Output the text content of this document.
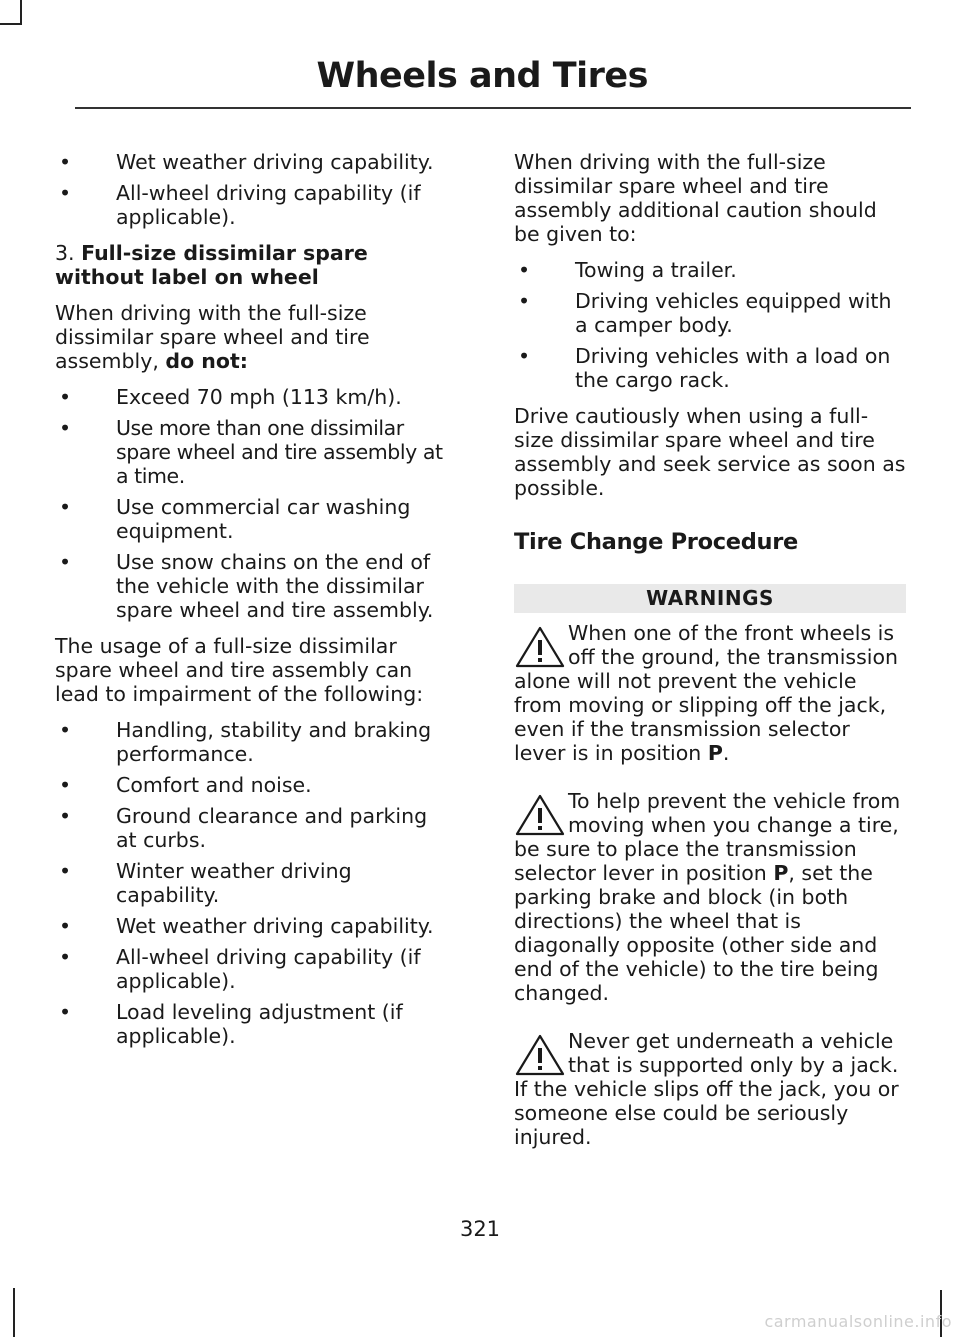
Wheels and Tires
• Wet weather driving capability.
• All-wheel driving capability (if applicable).

3. Full-size dissimilar spare without label on wheel

When driving with the full-size dissimilar spare wheel and tire assembly, do not:

• Exceed 70 mph (113 km/h).
• Use more than one dissimilar spare wheel and tire assembly at a time.
• Use commercial car washing equipment.
• Use snow chains on the end of the vehicle with the dissimilar spare wheel and tire assembly.

The usage of a full-size dissimilar spare wheel and tire assembly can lead to impairment of the following:

• Handling, stability and braking performance.
• Comfort and noise.
• Ground clearance and parking at curbs.
• Winter weather driving capability.
• Wet weather driving capability.
• All-wheel driving capability (if applicable).
• Load leveling adjustment (if applicable).

When driving with the full-size dissimilar spare wheel and tire assembly additional caution should be given to:

• Towing a trailer.
• Driving vehicles equipped with a camper body.
• Driving vehicles with a load on the cargo rack.

Drive cautiously when using a full-size dissimilar spare wheel and tire assembly and seek service as soon as possible.

Tire Change Procedure
WARNINGS
When one of the front wheels is off the ground, the transmission alone will not prevent the vehicle from moving or slipping off the jack, even if the transmission selector lever is in position P.
To help prevent the vehicle from moving when you change a tire, be sure to place the transmission selector lever in position P, set the parking brake and block (in both directions) the wheel that is diagonally opposite (other side and end of the vehicle) to the tire being changed.
Never get underneath a vehicle that is supported only by a jack. If the vehicle slips off the jack, you or someone else could be seriously injured.
321
carmanualsonline.info
